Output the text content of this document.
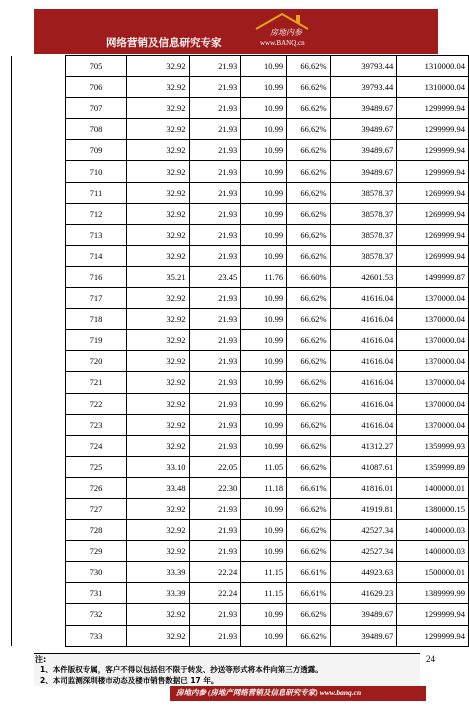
网络营销及信息研究专家
房地内参
www.BANQ.cn
	705	32.92	21.93	10.99	66.62%	39793.44	1310000.04
	706	32.92	21.93	10.99	66.62%	39793.44	1310000.04
	707	32.92	21.93	10.99	66.62%	39489.67	1299999.94
	708	32.92	21.93	10.99	66.62%	39489.67	1299999.94
	709	32.92	21.93	10.99	66.62%	39489.67	1299999.94
	710	32.92	21.93	10.99	66.62%	39489.67	1299999.94
	711	32.92	21.93	10.99	66.62%	38578.37	1269999.94
	712	32.92	21.93	10.99	66.62%	38578.37	1269999.94
	713	32.92	21.93	10.99	66.62%	38578.37	1269999.94
	714	32.92	21.93	10.99	66.62%	38578.37	1269999.94
	716	35.21	23.45	11.76	66.60%	42601.53	1499999.87
	717	32.92	21.93	10.99	66.62%	41616.04	1370000.04
	718	32.92	21.93	10.99	66.62%	41616.04	1370000.04
	719	32.92	21.93	10.99	66.62%	41616.04	1370000.04
	720	32.92	21.93	10.99	66.62%	41616.04	1370000.04
	721	32.92	21.93	10.99	66.62%	41616.04	1370000.04
	722	32.92	21.93	10.99	66.62%	41616.04	1370000.04
	723	32.92	21.93	10.99	66.62%	41616.04	1370000.04
	724	32.92	21.93	10.99	66.62%	41312.27	1359999.93
	725	33.10	22.05	11.05	66.62%	41087.61	1359999.89
	726	33.48	22.30	11.18	66.61%	41816.01	1400000.01
	727	32.92	21.93	10.99	66.62%	41919.81	1380000.15
	728	32.92	21.93	10.99	66.62%	42527.34	1400000.03
	729	32.92	21.93	10.99	66.62%	42527.34	1400000.03
	730	33.39	22.24	11.15	66.61%	44923.63	1500000.01
	731	33.39	22.24	11.15	66.61%	41629.23	1389999.99
	732	32.92	21.93	10.99	66.62%	39489.67	1299999.94
	733	32.92	21.93	10.99	66.62%	39489.67	1299999.94
注:
1、本件版权专属，客户不得以包括但不限于转发、抄送等形式将本件向第三方透露。
2、本司监测深圳楼市动态及楼市销售数据已 17 年。
24
房地内参 (房地产网络营销及信息研究专家) www.banq.cn
